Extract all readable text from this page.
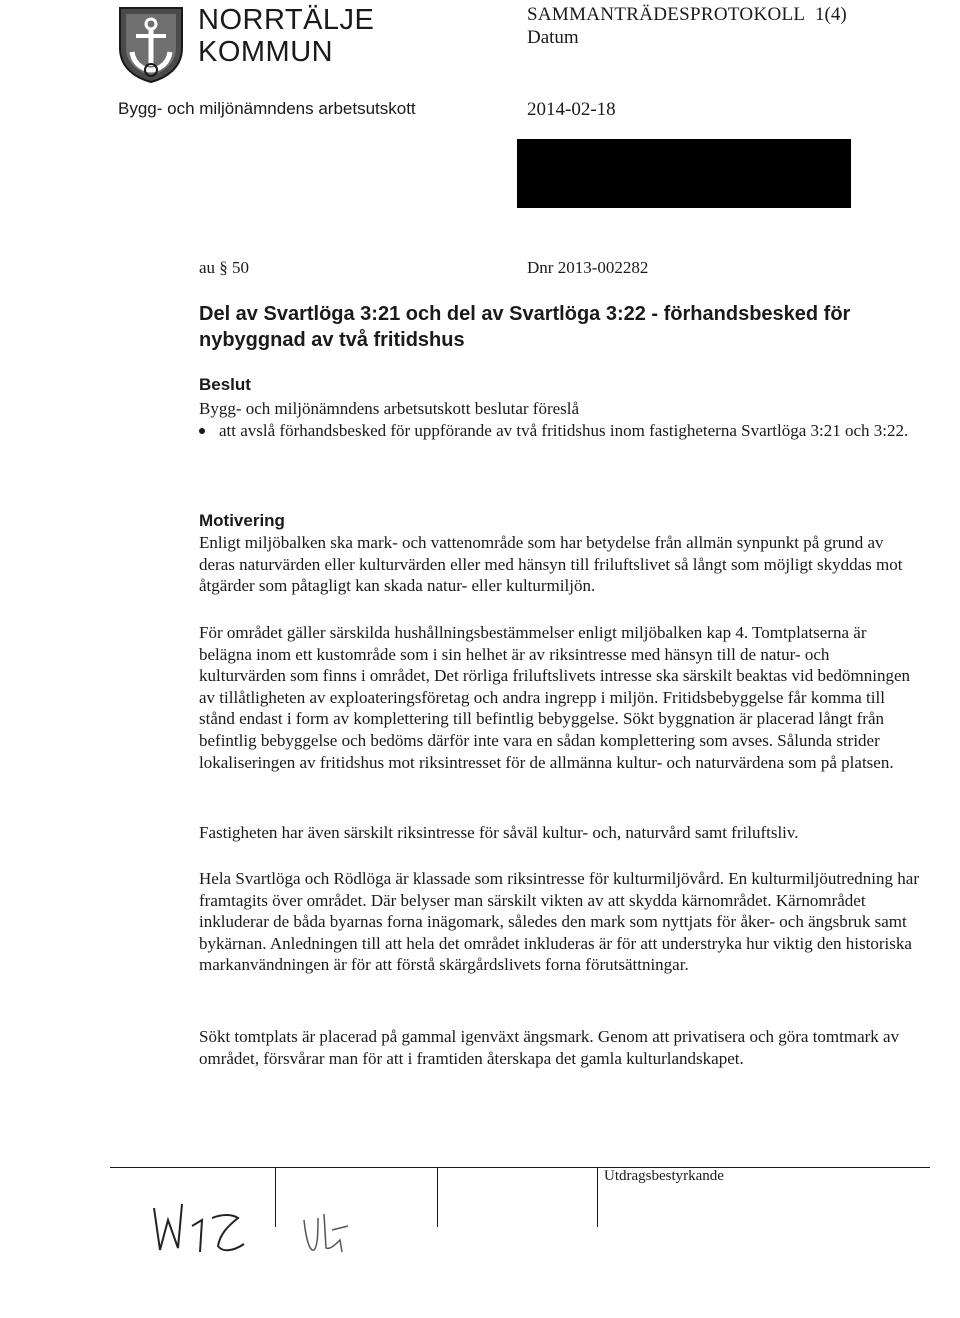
NORRTÄLJE
KOMMUN
SAMMANTRÄDESPROTOKOLL 1(4)
Datum
Bygg- och miljönämndens arbetsutskott	2014-02-18
au § 50	Dnr 2013-002282
Del av Svartlöga 3:21 och del av Svartlöga 3:22 - förhandsbesked för nybyggnad av två fritidshus
Beslut
Bygg- och miljönämndens arbetsutskott beslutar föreslå
att avslå förhandsbesked för uppförande av två fritidshus inom fastigheterna Svartlöga 3:21 och 3:22.
Motivering
Enligt miljöbalken ska mark- och vattenområde som har betydelse från allmän synpunkt på grund av deras naturvärden eller kulturvärden eller med hänsyn till friluftslivet så långt som möjligt skyddas mot åtgärder som påtagligt kan skada natur- eller kulturmiljön.
För området gäller särskilda hushållningsbestämmelser enligt miljöbalken kap 4. Tomtplatserna är belägna inom ett kustområde som i sin helhet är av riksintresse med hänsyn till de natur- och kulturvärden som finns i området, Det rörliga friluftslivets intresse ska särskilt beaktas vid bedömningen av tillåtligheten av exploateringsföretag och andra ingrepp i miljön. Fritidsbebyggelse får komma till stånd endast i form av komplettering till befintlig bebyggelse. Sökt byggnation är placerad långt från befintlig bebyggelse och bedöms därför inte vara en sådan komplettering som avses. Sålunda strider lokaliseringen av fritidshus mot riksintresset för de allmänna kultur- och naturvärdena som på platsen.
Fastigheten har även särskilt riksintresse för såväl kultur- och, naturvård samt friluftsliv.
Hela Svartlöga och Rödlöga är klassade som riksintresse för kulturmiljövård. En kulturmiljöutredning har framtagits över området. Där belyser man särskilt vikten av att skydda kärnområdet. Kärnområdet inkluderar de båda byarnas forna inägomark, således den mark som nyttjats för åker- och ängsbruk samt bykärnan. Anledningen till att hela det området inkluderas är för att understryka hur viktig den historiska markanvändningen är för att förstå skärgårdslivets forna förutsättningar.
Sökt tomtplats är placerad på gammal igenväxt ängsmark. Genom att privatisera och göra tomtmark av området, försvårar man för att i framtiden återskapa det gamla kulturlandskapet.
Utdragsbestyrkande
